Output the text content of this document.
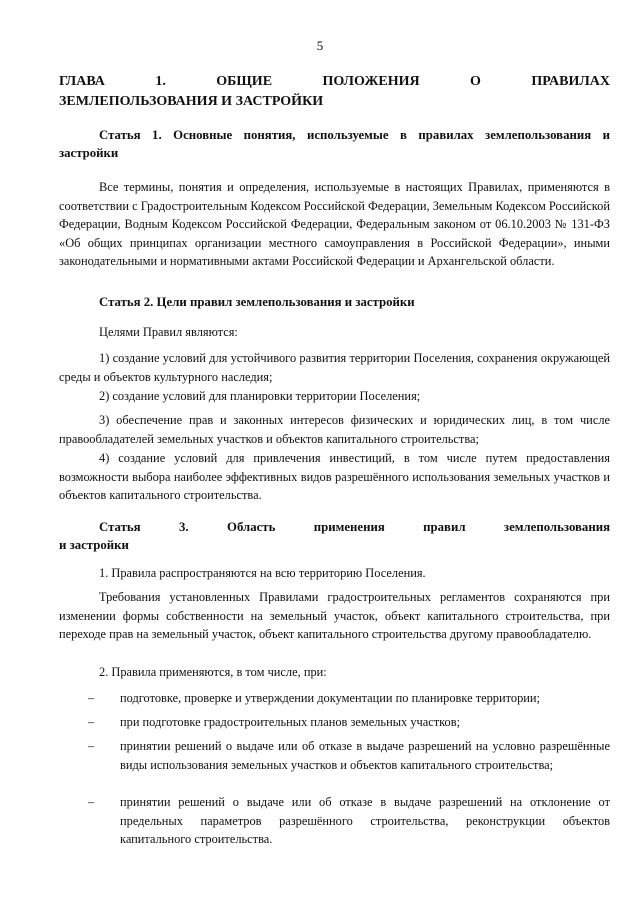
5
ГЛАВА 1. ОБЩИЕ ПОЛОЖЕНИЯ О ПРАВИЛАХ
ЗЕМЛЕПОЛЬЗОВАНИЯ И ЗАСТРОЙКИ
Статья 1. Основные понятия, используемые в правилах землепользования и
застройки
Все термины, понятия и определения, используемые в настоящих Правилах, применяются в соответствии с Градостроительным Кодексом Российской Федерации, Земельным Кодексом Российской Федерации, Водным Кодексом Российской Федерации, Федеральным законом от 06.10.2003 № 131-ФЗ «Об общих принципах организации местного самоуправления в Российской Федерации», иными законодательными и нормативными актами Российской Федерации и Архангельской области.
Статья 2. Цели правил землепользования и застройки
Целями Правил являются:
1) создание условий для устойчивого развития территории Поселения, сохранения окружающей среды и объектов культурного наследия;
2) создание условий для планировки территории Поселения;
3) обеспечение прав и законных интересов физических и юридических лиц, в том числе правообладателей земельных участков и объектов капитального строительства;
4) создание условий для привлечения инвестиций, в том числе путем предоставления возможности выбора наиболее эффективных видов разрешённого использования земельных участков и объектов капитального строительства.
Статья 3. Область применения правил землепользования
и застройки
1. Правила распространяются на всю территорию Поселения.
Требования установленных Правилами градостроительных регламентов сохраняются при изменении формы собственности на земельный участок, объект капитального строительства, при переходе прав на земельный участок, объект капитального строительства другому правообладателю.
2. Правила применяются, в том числе, при:
– подготовке, проверке и утверждении документации по планировке территории;
– при подготовке градостроительных планов земельных участков;
– принятии решений о выдаче или об отказе в выдаче разрешений на условно разрешённые виды использования земельных участков и объектов капитального строительства;
– принятии решений о выдаче или об отказе в выдаче разрешений на отклонение от предельных параметров разрешённого строительства, реконструкции объектов капитального строительства.
